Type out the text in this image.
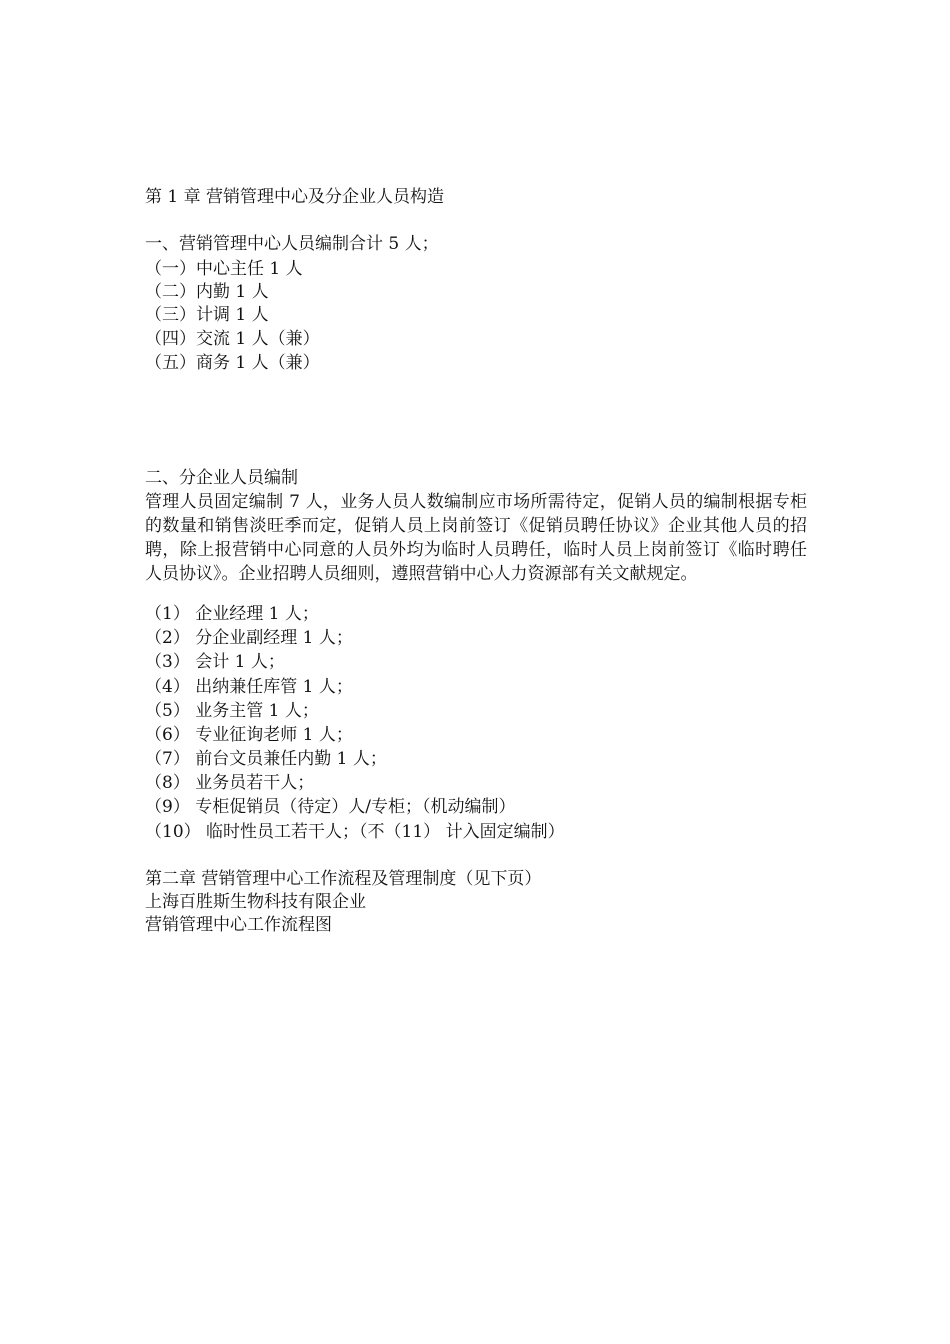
第 1 章 营销管理中心及分企业人员构造
一、营销管理中心人员编制合计 5 人；
（一）中心主任 1 人
（二）内勤 1 人
（三）计调 1 人
（四）交流 1 人（兼）
（五）商务 1 人（兼）
二、分企业人员编制
管理人员固定编制 7 人，业务人员人数编制应市场所需待定，促销人员的编制根据专柜的数量和销售淡旺季而定，促销人员上岗前签订《促销员聘任协议》企业其他人员的招聘，除上报营销中心同意的人员外均为临时人员聘任，临时人员上岗前签订《临时聘任人员协议》。企业招聘人员细则，遵照营销中心人力资源部有关文献规定。
（1） 企业经理 1 人；
（2） 分企业副经理 1 人；
（3） 会计 1 人；
（4） 出纳兼任库管 1 人；
（5） 业务主管 1 人；
（6） 专业征询老师 1 人；
（7） 前台文员兼任内勤 1 人；
（8） 业务员若干人；
（9） 专柜促销员（待定）人/专柜；（机动编制）
（10） 临时性员工若干人；（不（11） 计入固定编制）
第二章 营销管理中心工作流程及管理制度（见下页）
上海百胜斯生物科技有限企业
营销管理中心工作流程图
